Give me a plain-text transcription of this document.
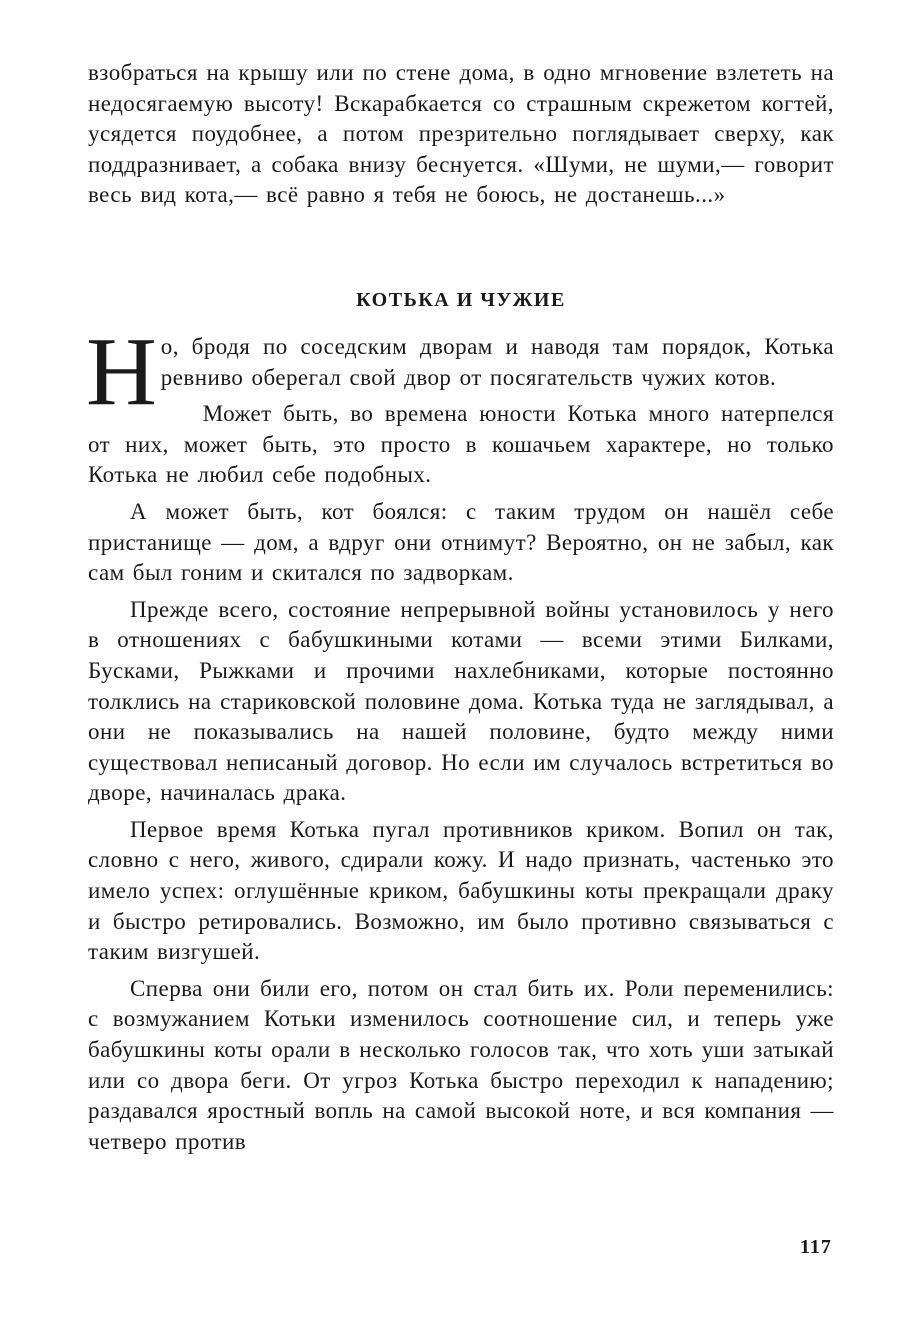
взобраться на крышу или по стене дома, в одно мгновение взлететь на недосягаемую высоту! Вскарабкается со страшным скрежетом когтей, усядется поудобнее, а потом презрительно поглядывает сверху, как поддразнивает, а собака внизу беснуется. «Шуми, не шуми,— говорит весь вид кота,— всё равно я тебя не боюсь, не достанешь...»

КОТЬКА И ЧУЖИЕ

Но, бродя по соседским дворам и наводя там порядок, Котька ревниво оберегал свой двор от посягательств чужих котов.

Может быть, во времена юности Котька много натерпелся от них, может быть, это просто в кошачьем характере, но только Котька не любил себе подобных.

А может быть, кот боялся: с таким трудом он нашёл себе пристанище — дом, а вдруг они отнимут? Вероятно, он не забыл, как сам был гоним и скитался по задворкам.

Прежде всего, состояние непрерывной войны установилось у него в отношениях с бабушкиными котами — всеми этими Билками, Бусками, Рыжками и прочими нахлебниками, которые постоянно толклись на стариковской половине дома. Котька туда не заглядывал, а они не показывались на нашей половине, будто между ними существовал неписаный договор. Но если им случалось встретиться во дворе, начиналась драка.

Первое время Котька пугал противников криком. Вопил он так, словно с него, живого, сдирали кожу. И надо признать, частенько это имело успех: оглушённые криком, бабушкины коты прекращали драку и быстро ретировались. Возможно, им было противно связываться с таким визгушей.

Сперва они били его, потом он стал бить их. Роли переменились: с возмужанием Котьки изменилось соотношение сил, и теперь уже бабушкины коты орали в несколько голосов так, что хоть уши затыкай или со двора беги. От угроз Котька быстро переходил к нападению; раздавался яростный вопль на самой высокой ноте, и вся компания — четверо против

117
